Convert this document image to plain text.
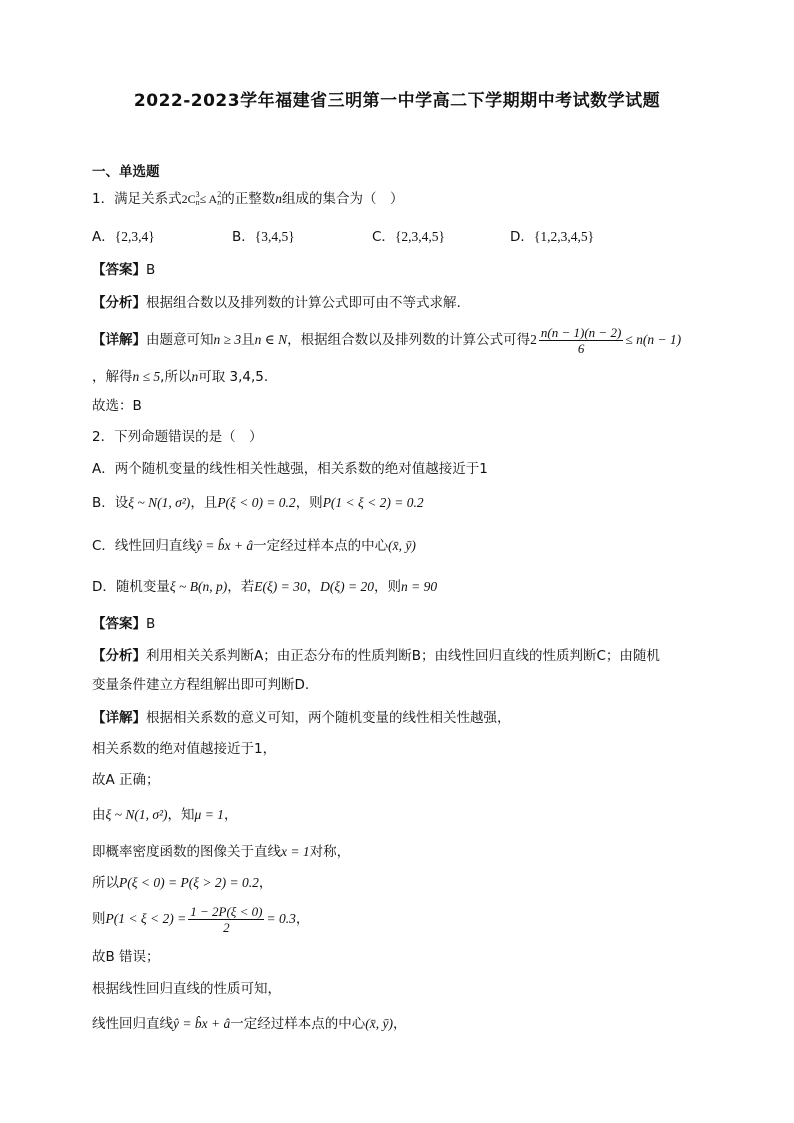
2022-2023学年福建省三明第一中学高二下学期期中考试数学试题
一、单选题
1．满足关系式2C 3
n ≤ A 2
n 的正整数n组成的集合为（　）
A．{2,3,4}	B．{3,4,5}	C．{2,3,4,5}	D．{1,2,3,4,5}
【答案】B
【分析】根据组合数以及排列数的计算公式即可由不等式求解.
【详解】由题意可知n ≥ 3且n ∈ N，根据组合数以及排列数的计算公式可得$2 \frac{n(n - 1)(n - 2)}{6} \le n(n - 1)$
，解得n ≤ 5,所以n可取 3,4,5.
故选：B
2．下列命题错误的是（　）
A．两个随机变量的线性相关性越强，相关系数的绝对值越接近于1
B．设ξ ~ N(1, σ²)，且P(ξ < 0) = 0.2，则P(1 < ξ < 2) = 0.2
C．线性回归直线ŷ = b̂x + â一定经过样本点的中心(x̄, ȳ)
D．随机变量ξ ~ B(n, p)，若E(ξ) = 30，D(ξ) = 20，则n = 90
【答案】B
【分析】利用相关关系判断A；由正态分布的性质判断B；由线性回归直线的性质判断C；由随机
变量条件建立方程组解出即可判断D.
【详解】根据相关系数的意义可知，两个随机变量的线性相关性越强，
相关系数的绝对值越接近于1，
故A 正确；
由ξ ~ N(1, σ²)，知μ = 1，
即概率密度函数的图像关于直线x = 1对称，
所以P(ξ < 0) = P(ξ > 2) = 0.2，
则$P(1 < \xi < 2) = \frac{1 - 2P(\xi < 0)}{2} = 0.3$，
故B 错误；
根据线性回归直线的性质可知，
线性回归直线ŷ = b̂x + â一定经过样本点的中心(x̄, ȳ)，
